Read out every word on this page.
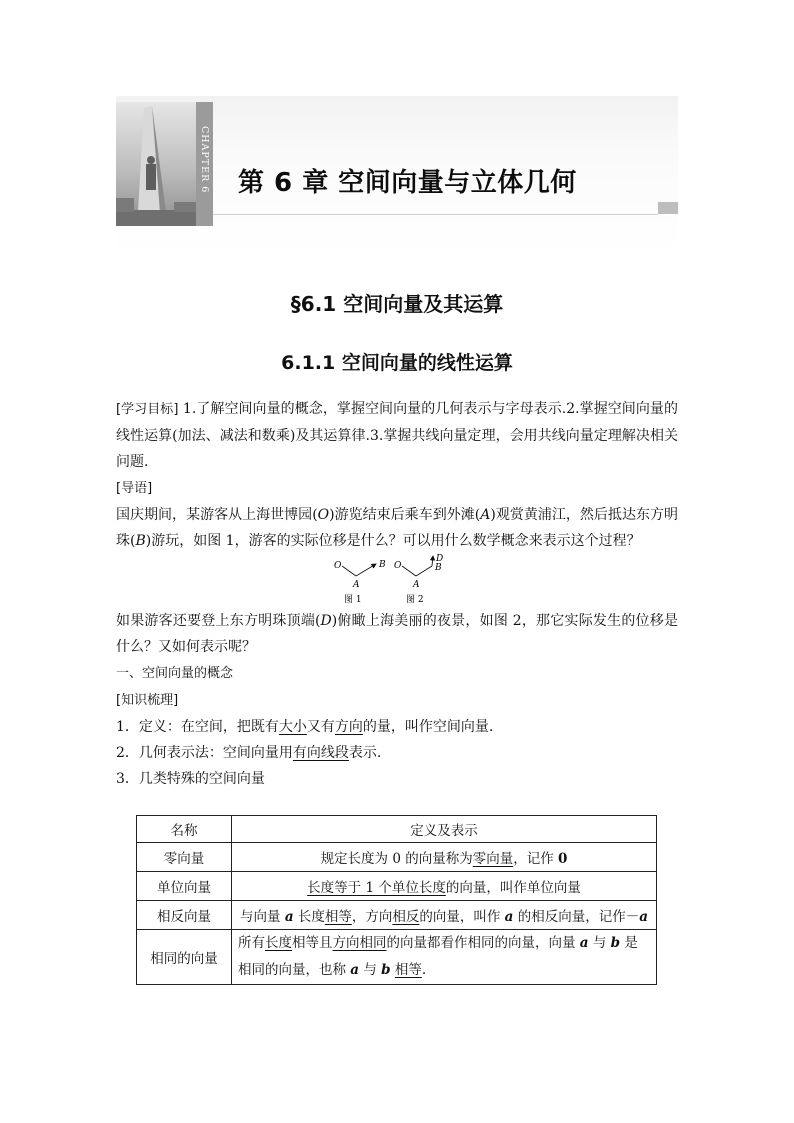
CHAPTER 6 第 6 章 空间向量与立体几何
§6.1 空间向量及其运算
6.1.1 空间向量的线性运算

[学习目标] 1.了解空间向量的概念，掌握空间向量的几何表示与字母表示.2.掌握空间向量的线性运算(加法、减法和数乘)及其运算律.3.掌握共线向量定理，会用共线向量定理解决相关问题.

[导语]

国庆期间，某游客从上海世博园(O)游览结束后乘车到外滩(A)观赏黄浦江，然后抵达东方明珠(B)游玩，如图 1，游客的实际位移是什么？可以用什么数学概念来表示这个过程？

O
A
B
图 1
O
A
B
D
图 2

如果游客还要登上东方明珠顶端(D)俯瞰上海美丽的夜景，如图 2，那它实际发生的位移是什么？又如何表示呢？

一、空间向量的概念

[知识梳理]

1．定义：在空间，把既有大小又有方向的量，叫作空间向量.

2．几何表示法：空间向量用有向线段表示.

3．几类特殊的空间向量

名称	定义及表示
零向量	规定长度为 0 的向量称为零向量，记作 0
单位向量	长度等于 1 个单位长度的向量，叫作单位向量
相反向量	与向量 a 长度相等，方向相反的向量，叫作 a 的相反向量，记作－a
相同的向量	所有长度相等且方向相同的向量都看作相同的向量，向量 a 与 b 是相同的向量，也称 a 与 b 相等.
